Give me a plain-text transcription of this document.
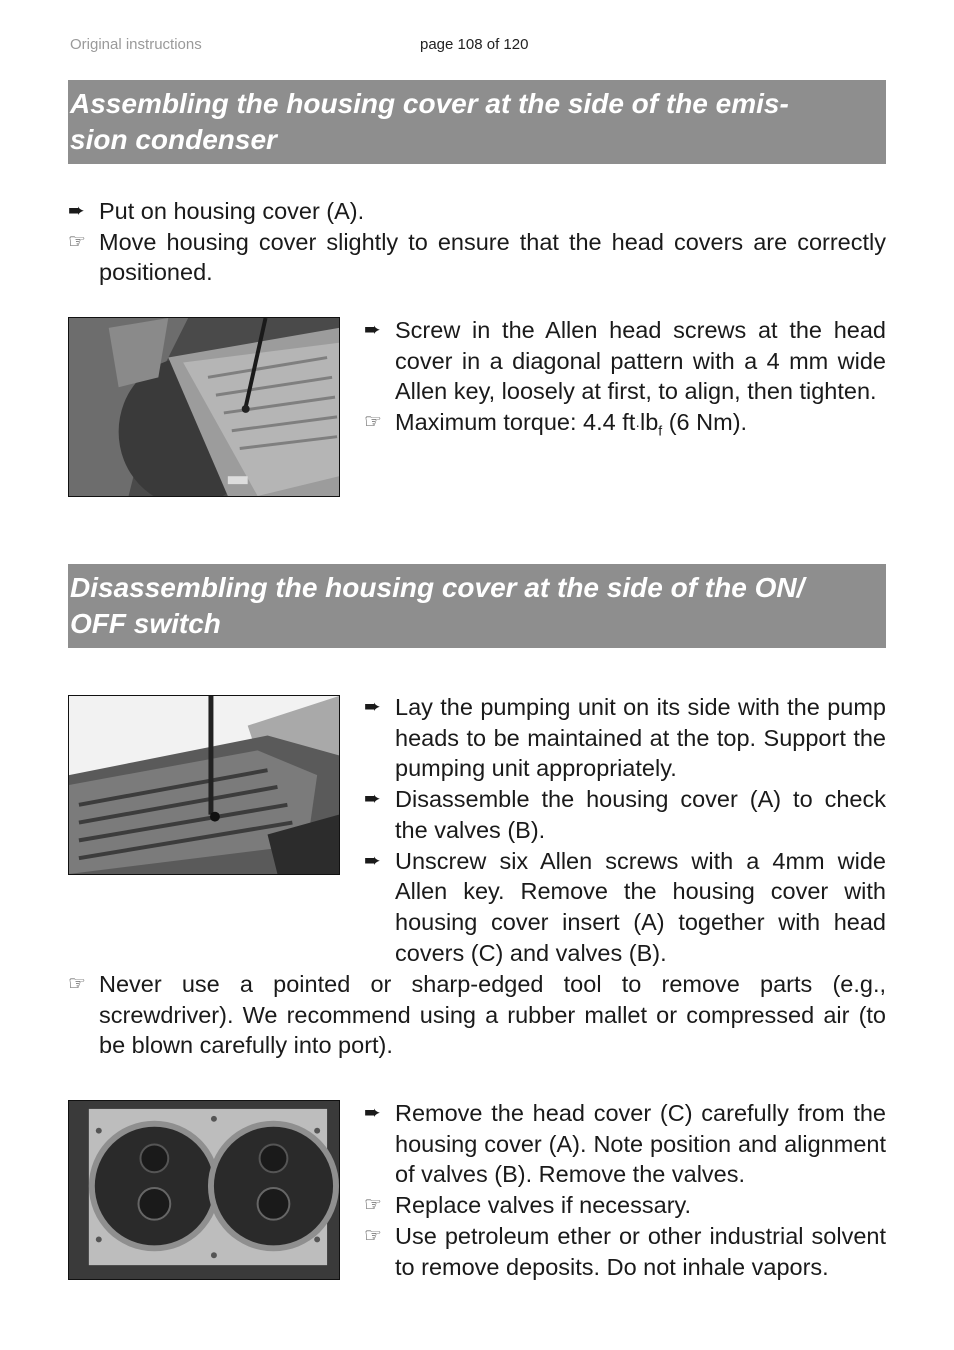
Original instructions	page 108 of 120
Assembling the housing cover at the side of the emis-
sion condenser
➨ Put on housing cover (A).
☞ Move housing cover slightly to ensure that the head covers are correctly positioned.
➨ Screw in the Allen head screws at the head cover in a diagonal pattern with a 4 mm wide Allen key, loosely at first, to align, then tighten.
☞ Maximum torque: 4.4 $ft\cdot lb_f$ (6 Nm).
Disassembling the housing cover at the side of the ON/
OFF switch
➨ Lay the pumping unit on its side with the pump heads to be maintained at the top. Support the pumping unit appropriately.
➨ Disassemble the housing cover (A) to check the valves (B).
➨ Unscrew six Allen screws with a 4mm wide Allen key. Remove the housing cover with housing cover insert (A) together with head covers (C) and valves (B).
☞ Never use a pointed or sharp-edged tool to remove parts (e.g., screwdriver). We recommend using a rubber mallet or compressed air (to be blown carefully into port).
➨ Remove the head cover (C) carefully from the housing cover (A). Note position and alignment of valves (B). Remove the valves.
☞ Replace valves if necessary.
☞ Use petroleum ether or other industrial solvent to remove deposits. Do not inhale vapors.
